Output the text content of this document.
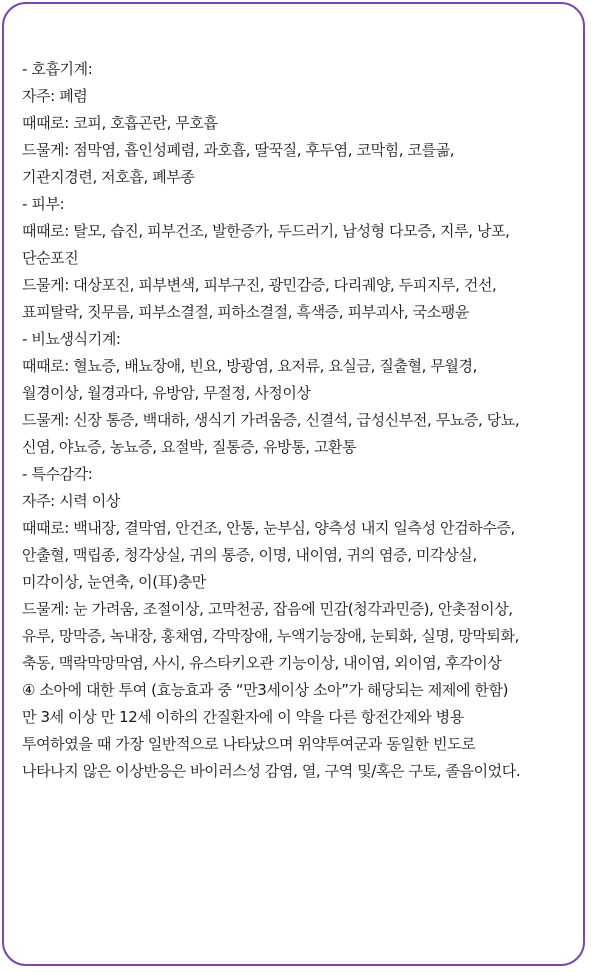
- 호흡기계:
자주: 폐렴
때때로: 코피, 호흡곤란, 무호흡
드물게: 점막염, 흡인성폐렴, 과호흡, 딸꾹질, 후두염, 코막힘, 코를곪,
기관지경련, 저호흡, 폐부종
- 피부:
때때로: 탈모, 습진, 피부건조, 발한증가, 두드러기, 남성형 다모증, 지루, 낭포,
단순포진
드물게: 대상포진, 피부변색, 피부구진, 광민감증, 다리궤양, 두피지루, 건선,
표피탈락, 짓무름, 피부소결절, 피하소결절, 흑색증, 피부괴사, 국소팽윤
- 비뇨생식기계:
때때로: 혈뇨증, 배뇨장애, 빈요, 방광염, 요저류, 요실금, 질출혈, 무월경,
월경이상, 월경과다, 유방암, 무절정, 사정이상
드물게: 신장 통증, 백대하, 생식기 가려움증, 신결석, 급성신부전, 무뇨증, 당뇨,
신염, 야뇨증, 농뇨증, 요절박, 질통증, 유방통, 고환통
- 특수감각:
자주: 시력 이상
때때로: 백내장, 결막염, 안건조, 안통, 눈부심, 양측성 내지 일측성 안검하수증,
안출혈, 맥립종, 청각상실, 귀의 통증, 이명, 내이염, 귀의 염증, 미각상실,
미각이상, 눈연축, 이(耳)충만
드물게: 눈 가려움, 조절이상, 고막천공, 잡음에 민감(청각과민증), 안촛점이상,
유루, 망막증, 녹내장, 홍채염, 각막장애, 누액기능장애, 눈퇴화, 실명, 망막퇴화,
축동, 맥락막망막염, 사시, 유스타키오관 기능이상, 내이염, 외이염, 후각이상
④ 소아에 대한 투여 (효능효과 중 “만3세이상 소아”가 해당되는 제제에 한함)
만 3세 이상 만 12세 이하의 간질환자에 이 약을 다른 항전간제와 병용
투여하였을 때 가장 일반적으로 나타났으며 위약투여군과 동일한 빈도로
나타나지 않은 이상반응은 바이러스성 감염, 열, 구역 및/혹은 구토, 졸음이었다.
